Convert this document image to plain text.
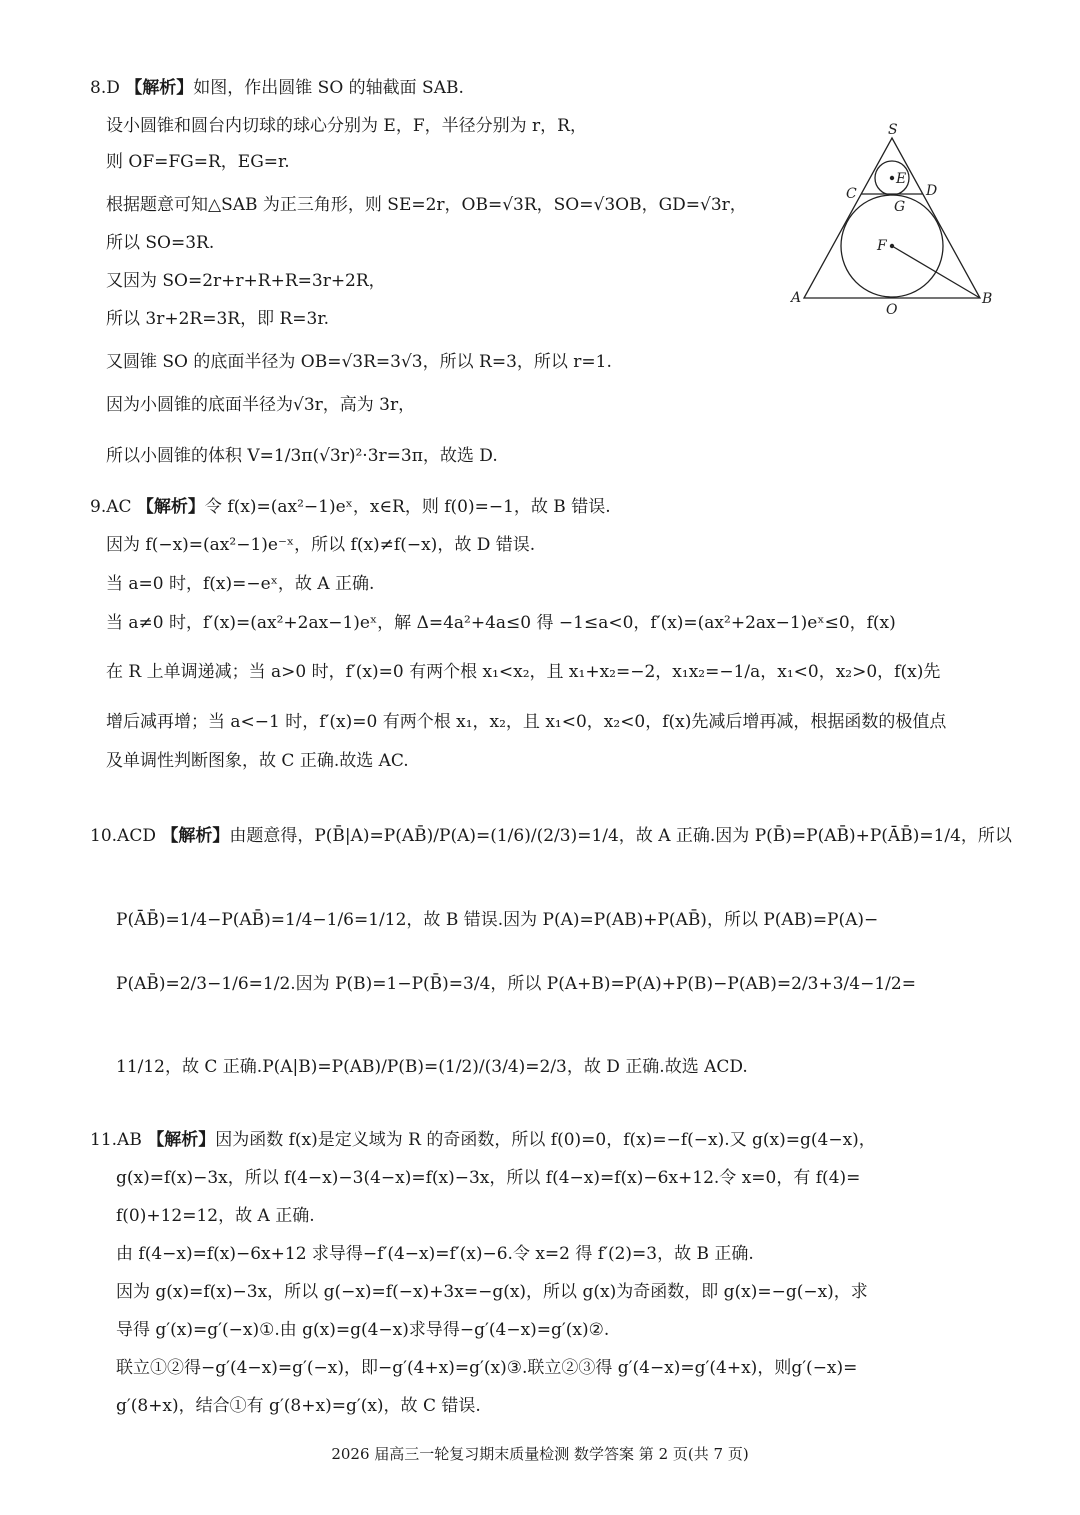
8.D 【解析】如图，作出圆锥 SO 的轴截面 SAB.
设小圆锥和圆台内切球的球心分别为 E，F，半径分别为 r，R，
则 OF=FG=R，EG=r.
根据题意可知△SAB 为正三角形，则 SE=2r，OB=√3R，SO=√3OB，GD=√3r，
所以 SO=3R.
又因为 SO=2r+r+R+R=3r+2R，
所以 3r+2R=3R，即 R=3r.
又圆锥 SO 的底面半径为 OB=√3R=3√3，所以 R=3，所以 r=1.
因为小圆锥的底面半径为√3r，高为 3r，
所以小圆锥的体积 V=1/3π(√3r)²·3r=3π，故选 D.
9.AC 【解析】令 f(x)=(ax²−1)eˣ，x∈R，则 f(0)=−1，故 B 错误.
因为 f(−x)=(ax²−1)e⁻ˣ，所以 f(x)≠f(−x)，故 D 错误.
当 a=0 时，f(x)=−eˣ，故 A 正确.
当 a≠0 时，f′(x)=(ax²+2ax−1)eˣ，解 Δ=4a²+4a≤0 得 −1≤a<0，f′(x)=(ax²+2ax−1)eˣ≤0，f(x)
在 R 上单调递减；当 a>0 时，f′(x)=0 有两个根 x₁<x₂，且 x₁+x₂=−2，x₁x₂=−1/a，x₁<0，x₂>0，f(x)先
增后减再增；当 a<−1 时，f′(x)=0 有两个根 x₁，x₂，且 x₁<0，x₂<0，f(x)先减后增再减，根据函数的极值点
及单调性判断图象，故 C 正确.故选 AC.
10.ACD 【解析】由题意得，P(B̄|A)=P(AB̄)/P(A)=(1/6)/(2/3)=1/4，故 A 正确.因为 P(B̄)=P(AB̄)+P(ĀB̄)=1/4，所以
P(ĀB̄)=1/4−P(AB̄)=1/4−1/6=1/12，故 B 错误.因为 P(A)=P(AB)+P(AB̄)，所以 P(AB)=P(A)−
P(AB̄)=2/3−1/6=1/2.因为 P(B)=1−P(B̄)=3/4，所以 P(A+B)=P(A)+P(B)−P(AB)=2/3+3/4−1/2=
11/12，故 C 正确.P(A|B)=P(AB)/P(B)=(1/2)/(3/4)=2/3，故 D 正确.故选 ACD.
11.AB 【解析】因为函数 f(x)是定义域为 R 的奇函数，所以 f(0)=0，f(x)=−f(−x).又 g(x)=g(4−x)，
g(x)=f(x)−3x，所以 f(4−x)−3(4−x)=f(x)−3x，所以 f(4−x)=f(x)−6x+12.令 x=0，有 f(4)=
f(0)+12=12，故 A 正确.
由 f(4−x)=f(x)−6x+12 求导得−f′(4−x)=f′(x)−6.令 x=2 得 f′(2)=3，故 B 正确.
因为 g(x)=f(x)−3x，所以 g(−x)=f(−x)+3x=−g(x)，所以 g(x)为奇函数，即 g(x)=−g(−x)，求
导得 g′(x)=g′(−x)①.由 g(x)=g(4−x)求导得−g′(4−x)=g′(x)②.
联立①②得−g′(4−x)=g′(−x)，即−g′(4+x)=g′(x)③.联立②③得 g′(4−x)=g′(4+x)，则g′(−x)=
g′(8+x)，结合①有 g′(8+x)=g′(x)，故 C 错误.
S
E
C	D
G
F
A
O
B
2026 届高三一轮复习期末质量检测 数学答案 第 2 页(共 7 页)
